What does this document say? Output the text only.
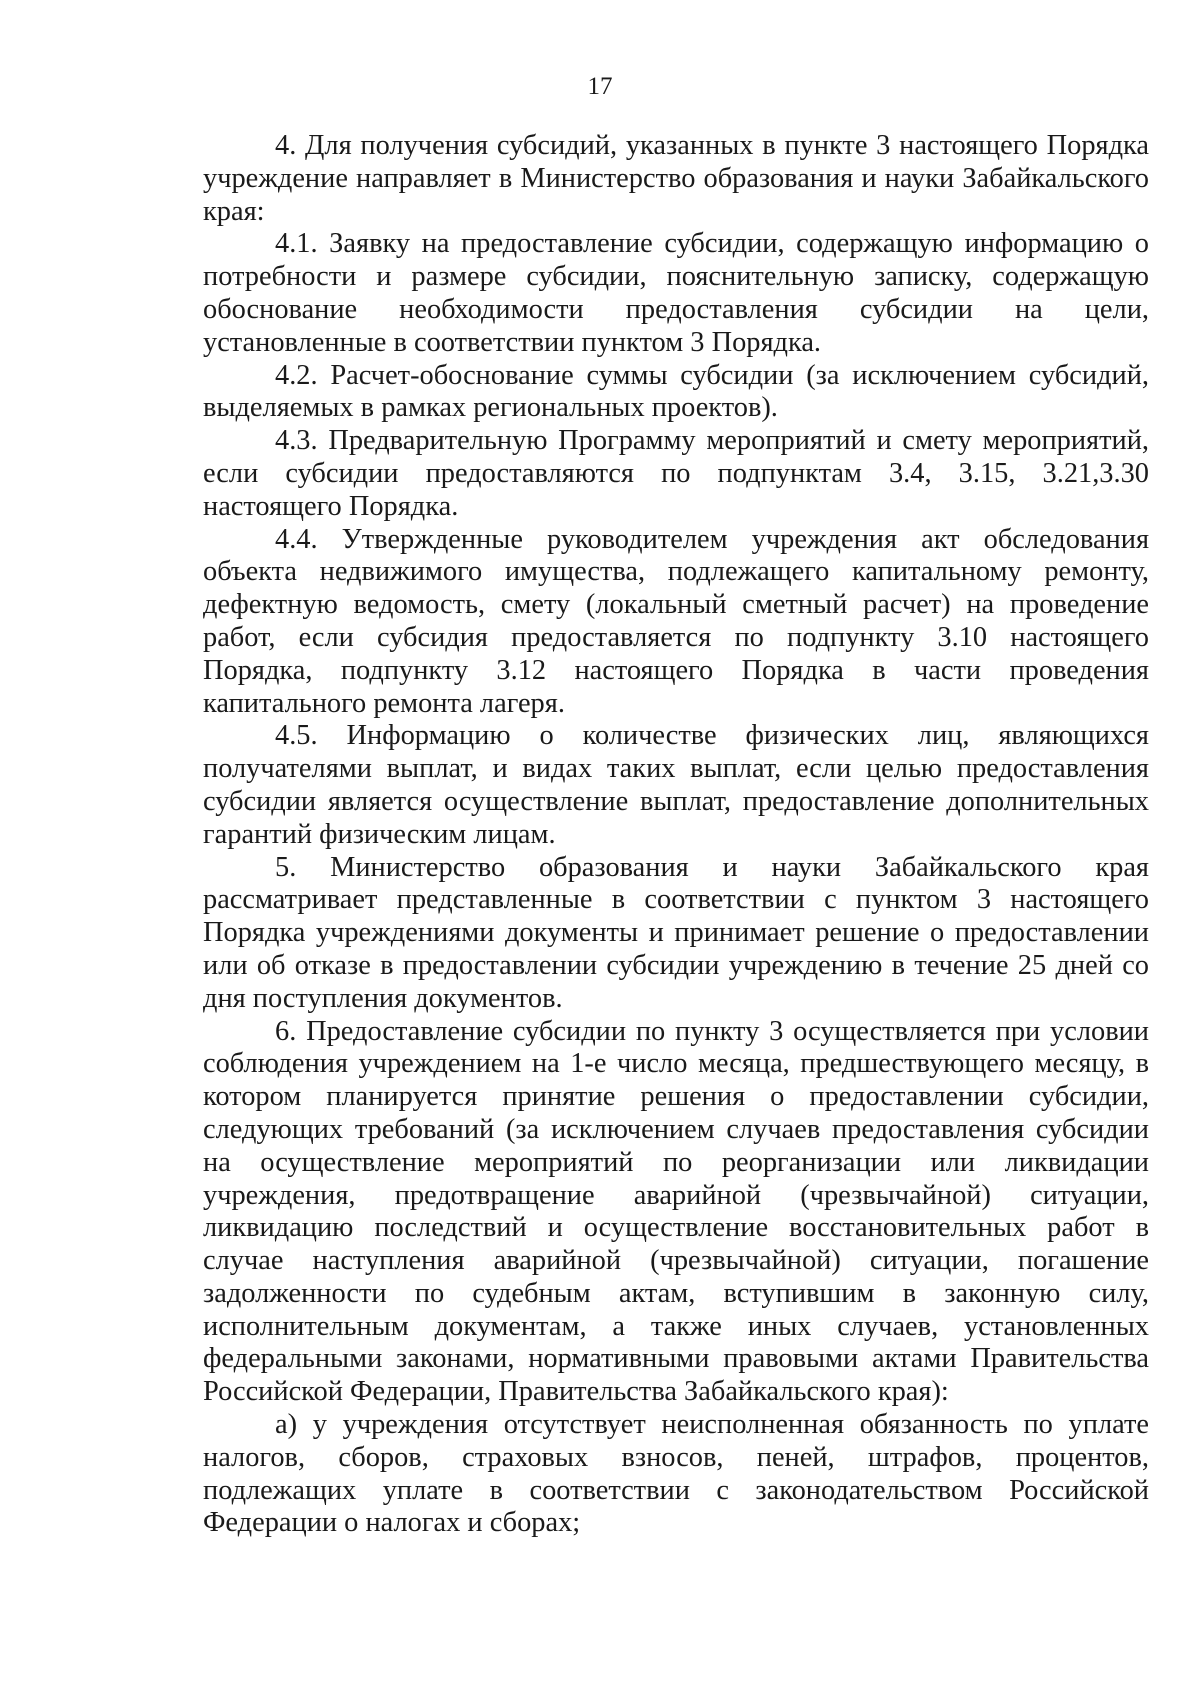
17

4. Для получения субсидий, указанных в пункте 3 настоящего Порядка учреждение направляет в Министерство образования и науки Забайкальского края:

4.1. Заявку на предоставление субсидии, содержащую информацию о потребности и размере субсидии, пояснительную записку, содержащую обоснование необходимости предоставления субсидии на цели, установленные в соответствии пунктом 3 Порядка.

4.2. Расчет-обоснование суммы субсидии (за исключением субсидий, выделяемых в рамках региональных проектов).

4.3. Предварительную Программу мероприятий и смету мероприятий, если субсидии предоставляются по подпунктам 3.4, 3.15, 3.21,3.30 настоящего Порядка.

4.4. Утвержденные руководителем учреждения акт обследования объекта недвижимого имущества, подлежащего капитальному ремонту, дефектную ведомость, смету (локальный сметный расчет) на проведение работ, если субсидия предоставляется по подпункту 3.10 настоящего Порядка, подпункту 3.12 настоящего Порядка в части проведения капитального ремонта лагеря.

4.5. Информацию о количестве физических лиц, являющихся получателями выплат, и видах таких выплат, если целью предоставления субсидии является осуществление выплат, предоставление дополнительных гарантий физическим лицам.

5. Министерство образования и науки Забайкальского края рассматривает представленные в соответствии с пунктом 3 настоящего Порядка учреждениями документы и принимает решение о предоставлении или об отказе в предоставлении субсидии учреждению в течение 25 дней со дня поступления документов.

6. Предоставление субсидии по пункту 3 осуществляется при условии соблюдения учреждением на 1-е число месяца, предшествующего месяцу, в котором планируется принятие решения о предоставлении субсидии, следующих требований (за исключением случаев предоставления субсидии на осуществление мероприятий по реорганизации или ликвидации учреждения, предотвращение аварийной (чрезвычайной) ситуации, ликвидацию последствий и осуществление восстановительных работ в случае наступления аварийной (чрезвычайной) ситуации, погашение задолженности по судебным актам, вступившим в законную силу, исполнительным документам, а также иных случаев, установленных федеральными законами, нормативными правовыми актами Правительства Российской Федерации, Правительства Забайкальского края):

а) у учреждения отсутствует неисполненная обязанность по уплате налогов, сборов, страховых взносов, пеней, штрафов, процентов, подлежащих уплате в соответствии с законодательством Российской Федерации о налогах и сборах;
